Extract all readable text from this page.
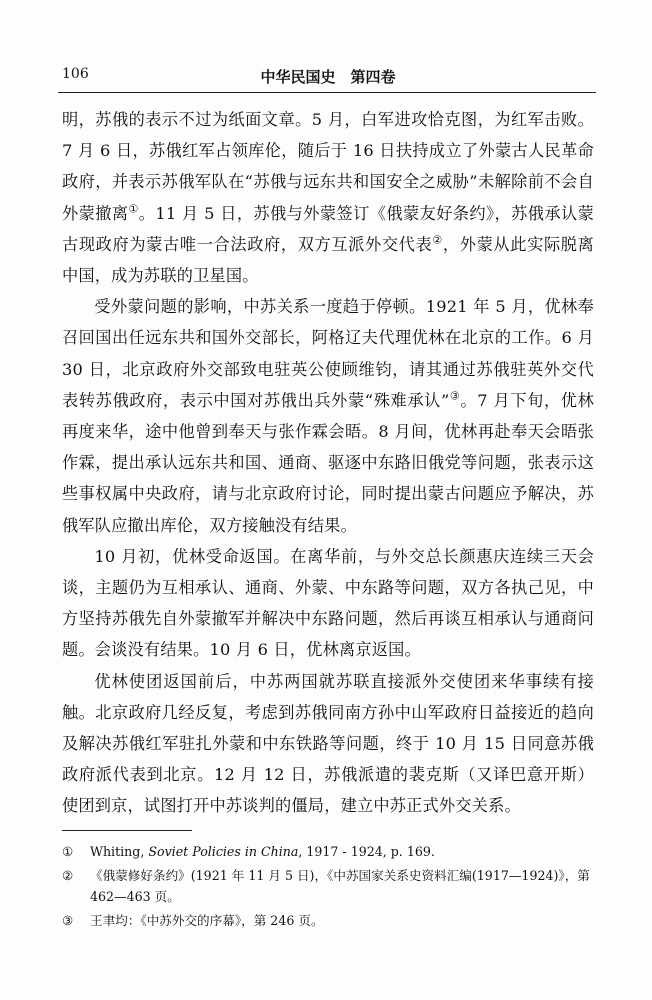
106	中华民国史　第四卷

明，苏俄的表示不过为纸面文章。5 月，白军进攻恰克图，为红军击败。7 月 6 日，苏俄红军占领库伦，随后于 16 日扶持成立了外蒙古人民革命政府，并表示苏俄军队在“苏俄与远东共和国安全之威胁”未解除前不会自外蒙撤离①。11 月 5 日，苏俄与外蒙签订《俄蒙友好条约》，苏俄承认蒙古现政府为蒙古唯一合法政府，双方互派外交代表②，外蒙从此实际脱离中国，成为苏联的卫星国。

受外蒙问题的影响，中苏关系一度趋于停顿。1921 年 5 月，优林奉召回国出任远东共和国外交部长，阿格辽夫代理优林在北京的工作。6 月 30 日，北京政府外交部致电驻英公使顾维钧，请其通过苏俄驻英外交代表转苏俄政府，表示中国对苏俄出兵外蒙“殊难承认”③。7 月下旬，优林再度来华，途中他曾到奉天与张作霖会晤。8 月间，优林再赴奉天会晤张作霖，提出承认远东共和国、通商、驱逐中东路旧俄党等问题，张表示这些事权属中央政府，请与北京政府讨论，同时提出蒙古问题应予解决，苏俄军队应撤出库伦，双方接触没有结果。

10 月初，优林受命返国。在离华前，与外交总长颜惠庆连续三天会谈，主题仍为互相承认、通商、外蒙、中东路等问题，双方各执己见，中方坚持苏俄先自外蒙撤军并解决中东路问题，然后再谈互相承认与通商问题。会谈没有结果。10 月 6 日，优林离京返国。

优林使团返国前后，中苏两国就苏联直接派外交使团来华事续有接触。北京政府几经反复，考虑到苏俄同南方孙中山军政府日益接近的趋向及解决苏俄红军驻扎外蒙和中东铁路等问题，终于 10 月 15 日同意苏俄政府派代表到北京。12 月 12 日，苏俄派遣的裴克斯（又译巴意开斯）使团到京，试图打开中苏谈判的僵局，建立中苏正式外交关系。

① Whiting, Soviet Policies in China, 1917 - 1924, p. 169.

② 《俄蒙修好条约》(1921 年 11 月 5 日)，《中苏国家关系史资料汇编(1917—1924)》，第 462—463 页。

③ 王聿均：《中苏外交的序幕》，第 246 页。
